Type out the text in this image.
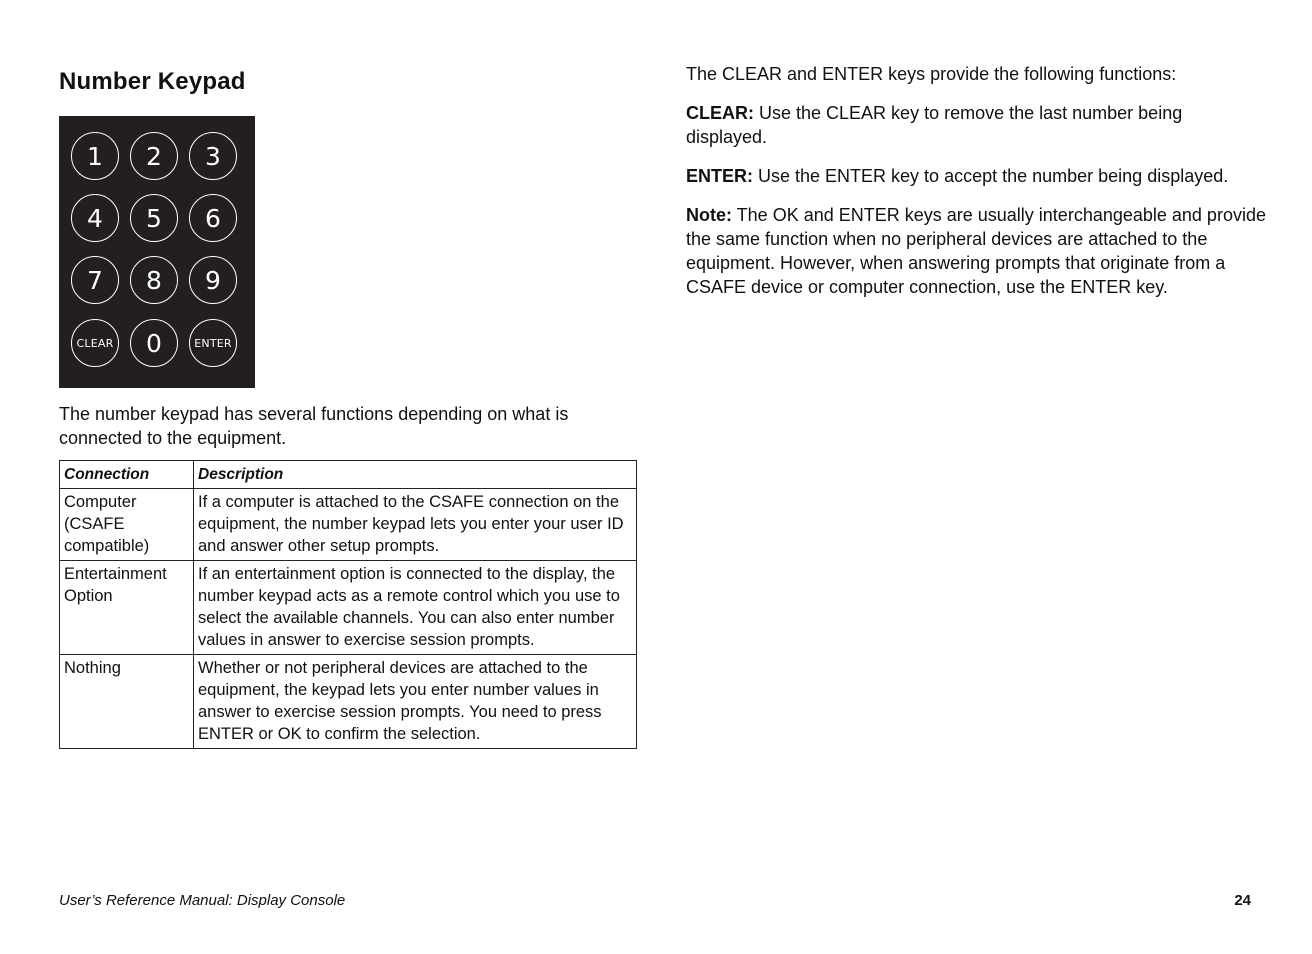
Number Keypad
1	2	3
4	5	6
7	8	9
CLEAR	0	ENTER

The number keypad has several functions depending on what is connected to the equipment.

Connection	Description
Computer (CSAFE compatible)	If a computer is attached to the CSAFE connection on the equipment, the number keypad lets you enter your user ID and answer other setup prompts.
Entertainment Option	If an entertainment option is connected to the display, the number keypad acts as a remote control which you use to select the available channels. You can also enter number values in answer to exercise session prompts.
Nothing	Whether or not peripheral devices are attached to the equipment, the keypad lets you enter number values in answer to exercise session prompts. You need to press ENTER or OK to confirm the selection.

The CLEAR and ENTER keys provide the following functions:

CLEAR: Use the CLEAR key to remove the last number being displayed.

ENTER: Use the ENTER key to accept the number being displayed.

Note: The OK and ENTER keys are usually interchangeable and provide the same function when no peripheral devices are attached to the equipment. However, when answering prompts that originate from a CSAFE device or computer connection, use the ENTER key.

User’s Reference Manual: Display Console	24
